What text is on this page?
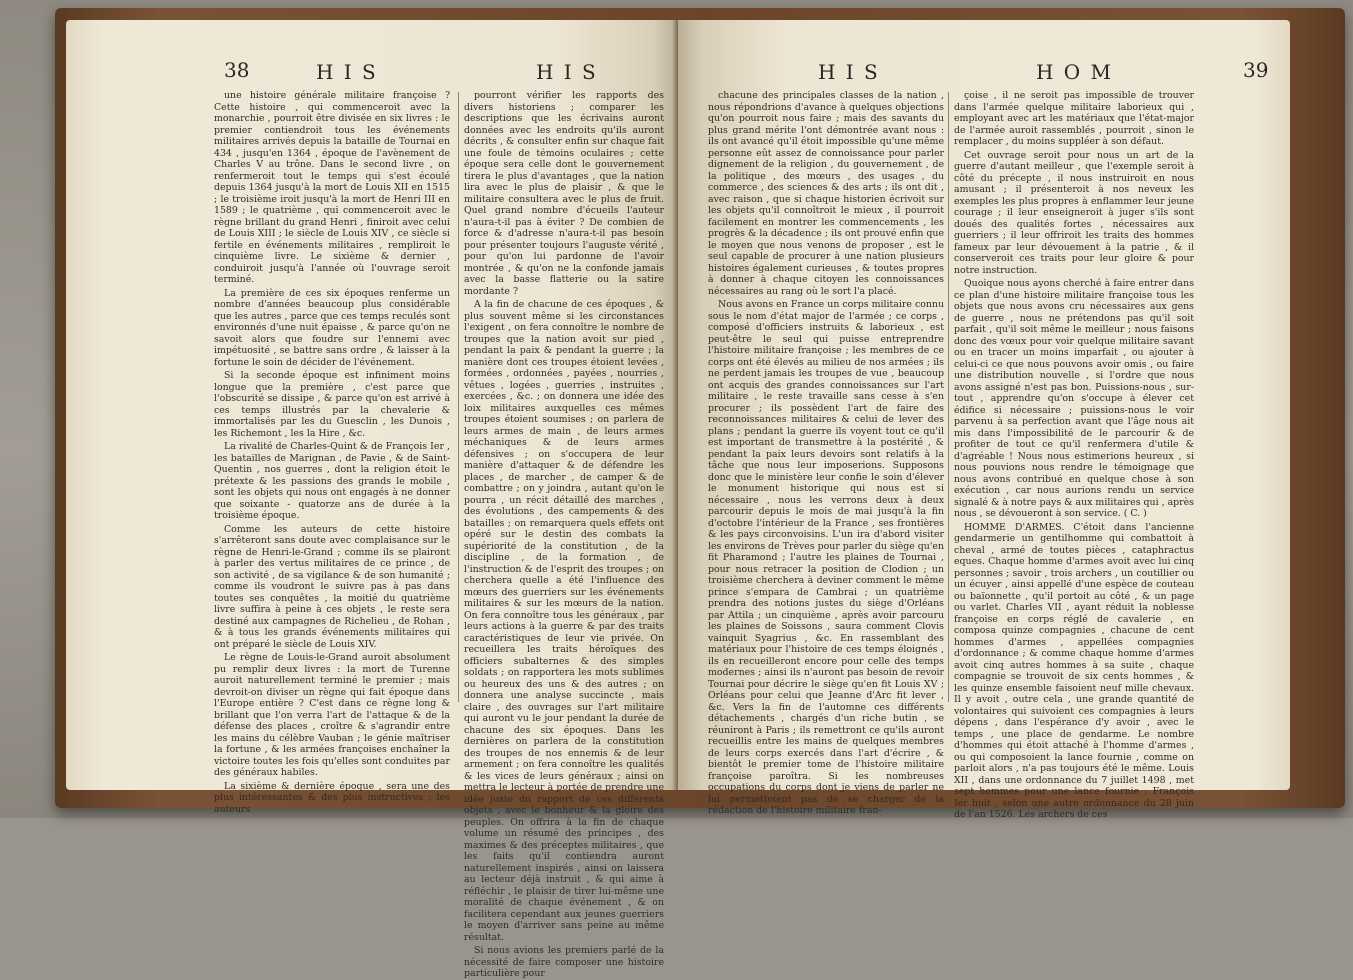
38	H I S	H I S

une histoire générale militaire françoise ? Cette histoire , qui commenceroit avec la monarchie , pourroit être divisée en six livres : le premier contiendroit tous les événements militaires arrivés depuis la bataille de Tournai en 434 , jusqu'en 1364 , époque de l'avènement de Charles V au trône. Dans le second livre , on renfermeroit tout le temps qui s'est écoulé depuis 1364 jusqu'à la mort de Louis XII en 1515 ; le troisième iroit jusqu'à la mort de Henri III en 1589 ; le quatrième , qui commenceroit avec le règne brillant du grand Henri , finiroit avec celui de Louis XIII ; le siècle de Louis XIV , ce siècle si fertile en événements militaires , rempliroit le cinquième livre. Le sixième & dernier , conduiroit jusqu'à l'année où l'ouvrage seroit terminé.

La première de ces six époques renferme un nombre d'années beaucoup plus considérable que les autres , parce que ces temps reculés sont environnés d'une nuit épaisse , & parce qu'on ne savoit alors que foudre sur l'ennemi avec impétuosité , se battre sans ordre , & laisser à la fortune le soin de décider de l'événement.

Si la seconde époque est infiniment moins longue que la première , c'est parce que l'obscurité se dissipe , & parce qu'on est arrivé à ces temps illustrés par la chevalerie & immortalisés par les du Guesclin , les Dunois , les Richemont , les la Hire , &c.

La rivalité de Charles-Quint & de François Ier , les batailles de Marignan , de Pavie , & de Saint-Quentin , nos guerres , dont la religion étoit le prétexte & les passions des grands le mobile , sont les objets qui nous ont engagés à ne donner que soixante - quatorze ans de durée à la troisième époque.

Comme les auteurs de cette histoire s'arrêteront sans doute avec complaisance sur le règne de Henri-le-Grand ; comme ils se plairont à parler des vertus militaires de ce prince , de son activité , de sa vigilance & de son humanité ; comme ils voudront le suivre pas à pas dans toutes ses conquêtes , la moitié du quatrième livre suffira à peine à ces objets , le reste sera destiné aux campagnes de Richelieu , de Rohan , & à tous les grands événements militaires qui ont préparé le siècle de Louis XIV.

Le règne de Louis-le-Grand auroit absolument pu remplir deux livres : la mort de Turenne auroit naturellement terminé le premier ; mais devroit-on diviser un règne qui fait époque dans l'Europe entière ? C'est dans ce règne long & brillant que l'on verra l'art de l'attaque & de la défense des places , croître & s'agrandir entre les mains du célèbre Vauban ; le génie maîtriser la fortune , & les armées françoises enchaîner la victoire toutes les fois qu'elles sont conduites par des généraux habiles.

La sixième & dernière époque , sera une des plus intéressantes & des plus instructives ; les auteurs

pourront vérifier les rapports des divers historiens ; comparer les descriptions que les écrivains auront données avec les endroits qu'ils auront décrits , & consulter enfin sur chaque fait une foule de témoins oculaires ; cette époque sera celle dont le gouvernement tirera le plus d'avantages , que la nation lira avec le plus de plaisir , & que le militaire consultera avec le plus de fruit. Quel grand nombre d'écueils l'auteur n'aura-t-il pas à éviter ? De combien de force & d'adresse n'aura-t-il pas besoin pour présenter toujours l'auguste vérité , pour qu'on lui pardonne de l'avoir montrée , & qu'on ne la confonde jamais avec la basse flatterie ou la satire mordante ?

A la fin de chacune de ces époques , & plus souvent même si les circonstances l'exigent , on fera connoître le nombre de troupes que la nation avoit sur pied , pendant la paix & pendant la guerre ; la manière dont ces troupes étoient levées , formées , ordonnées , payées , nourries , vêtues , logées , guerries , instruites , exercées , &c. ; on donnera une idée des loix militaires auxquelles ces mêmes troupes étoient soumises ; on parlera de leurs armes de main , de leurs armes méchaniques & de leurs armes défensives ; on s'occupera de leur manière d'attaquer & de défendre les places , de marcher , de camper & de combattre ; on y joindra , autant qu'on le pourra , un récit détaillé des marches , des évolutions , des campements & des batailles ; on remarquera quels effets ont opéré sur le destin des combats la supériorité de la constitution , de la discipline , de la formation , de l'instruction & de l'esprit des troupes ; on cherchera quelle a été l'influence des mœurs des guerriers sur les événements militaires & sur les mœurs de la nation. On fera connoître tous les généraux , par leurs actions à la guerre & par des traits caractéristiques de leur vie privée. On recueillera les traits héroïques des officiers subalternes & des simples soldats ; on rapportera les mots sublimes ou heureux des uns & des autres ; on donnera une analyse succincte , mais claire , des ouvrages sur l'art militaire qui auront vu le jour pendant la durée de chacune des six époques. Dans les dernières on parlera de la constitution des troupes de nos ennemis & de leur armement ; on fera connoître les qualités & les vices de leurs généraux ; ainsi on mettra le lecteur à portée de prendre une idée juste du rapport de ces différents objets , avec le bonheur & la gloire des peuples. On offrira à la fin de chaque volume un résumé des principes , des maximes & des préceptes militaires , que les faits qu'il contiendra auront naturellement inspirés , ainsi on laissera au lecteur déjà instruit , & qui aime à réfléchir , le plaisir de tirer lui-même une moralité de chaque événement , & on facilitera cependant aux jeunes guerriers le moyen d'arriver sans peine au même résultat.

Si nous avions les premiers parlé de la nécessité de faire composer une histoire particulière pour

H I S	H O M	39

chacune des principales classes de la nation , nous répondrions d'avance à quelques objections qu'on pourroit nous faire ; mais des savants du plus grand mérite l'ont démontrée avant nous : ils ont avancé qu'il étoit impossible qu'une même personne eût assez de connoissance pour parler dignement de la religion , du gouvernement , de la politique , des mœurs , des usages , du commerce , des sciences & des arts ; ils ont dit , avec raison , que si chaque historien écrivoit sur les objets qu'il connoîtroit le mieux , il pourroit facilement en montrer les commencements , les progrès & la décadence ; ils ont prouvé enfin que le moyen que nous venons de proposer , est le seul capable de procurer à une nation plusieurs histoires également curieuses , & toutes propres à donner à chaque citoyen les connoissances nécessaires au rang où le sort l'a placé.

Nous avons en France un corps militaire connu sous le nom d'état major de l'armée ; ce corps , composé d'officiers instruits & laborieux , est peut-être le seul qui puisse entreprendre l'histoire militaire françoise ; les membres de ce corps ont été élevés au milieu de nos armées ; ils ne perdent jamais les troupes de vue , beaucoup ont acquis des grandes connoissances sur l'art militaire , le reste travaille sans cesse à s'en procurer ; ils possèdent l'art de faire des reconnoissances militaires & celui de lever des plans ; pendant la guerre ils voyent tout ce qu'il est important de transmettre à la postérité , & pendant la paix leurs devoirs sont relatifs à la tâche que nous leur imposerions. Supposons donc que le ministère leur confie le soin d'élever le monument historique qui nous est si nécessaire , nous les verrons deux à deux parcourir depuis le mois de mai jusqu'à la fin d'octobre l'intérieur de la France , ses frontières & les pays circonvoisins. L'un ira d'abord visiter les environs de Trèves pour parler du siège qu'en fit Pharamond ; l'autre les plaines de Tournai , pour nous retracer la position de Clodion ; un troisième cherchera à deviner comment le même prince s'empara de Cambrai ; un quatrième prendra des notions justes du siège d'Orléans par Attila ; un cinquième , après avoir parcouru les plaines de Soissons , saura comment Clovis vainquit Syagrius , &c. En rassemblant des matériaux pour l'histoire de ces temps éloignés , ils en recueilleront encore pour celle des temps modernes ; ainsi ils n'auront pas besoin de revoir Tournai pour décrire le siège qu'en fit Louis XV ; Orléans pour celui que Jeanne d'Arc fit lever , &c. Vers la fin de l'automne ces différents détachements , chargés d'un riche butin , se réuniront à Paris ; ils remettront ce qu'ils auront recueillis entre les mains de quelques membres de leurs corps exercés dans l'art d'écrire , & bientôt le premier tome de l'histoire militaire françoise paroîtra. Si les nombreuses occupations du corps dont je viens de parler ne lui permettoient pas de se charger de la rédaction de l'histoire militaire fran-

çoise , il ne seroit pas impossible de trouver dans l'armée quelque militaire laborieux qui , employant avec art les matériaux que l'état-major de l'armée auroit rassemblés , pourroit , sinon le remplacer , du moins suppléer à son défaut.

Cet ouvrage seroit pour nous un art de la guerre d'autant meilleur , que l'exemple seroit à côté du précepte , il nous instruiroit en nous amusant ; il présenteroit à nos neveux les exemples les plus propres à enflammer leur jeune courage ; il leur enseigneroit à juger s'ils sont doués des qualités fortes , nécessaires aux guerriers ; il leur offriroit les traits des hommes fameux par leur dévouement à la patrie , & il conserveroit ces traits pour leur gloire & pour notre instruction.

Quoique nous ayons cherché à faire entrer dans ce plan d'une histoire militaire françoise tous les objets que nous avons cru nécessaires aux gens de guerre , nous ne prétendons pas qu'il soit parfait , qu'il soit même le meilleur ; nous faisons donc des vœux pour voir quelque militaire savant ou en tracer un moins imparfait , ou ajouter à celui-ci ce que nous pouvons avoir omis , ou faire une distribution nouvelle , si l'ordre que nous avons assigné n'est pas bon. Puissions-nous , sur-tout , apprendre qu'on s'occupe à élever cet édifice si nécessaire ; puissions-nous le voir parvenu à sa perfection avant que l'âge nous ait mis dans l'impossibilité de le parcourir & de profiter de tout ce qu'il renfermera d'utile & d'agréable ! Nous nous estimerions heureux , si nous pouvions nous rendre le témoignage que nous avons contribué en quelque chose à son exécution , car nous aurions rendu un service signalé & à notre pays & aux militaires qui , après nous , se dévoueront à son service. ( C. )

HOMME D'ARMES. C'étoit dans l'ancienne gendarmerie un gentilhomme qui combattoit à cheval , armé de toutes pièces , cataphractus eques. Chaque homme d'armes avoit avec lui cinq personnes ; savoir , trois archers , un coutillier ou un écuyer , ainsi appellé d'une espèce de couteau ou baïonnette , qu'il portoit au côté , & un page ou varlet. Charles VII , ayant réduit la noblesse françoise en corps réglé de cavalerie , en composa quinze compagnies , chacune de cent hommes d'armes , appellées compagnies d'ordonnance ; & comme chaque homme d'armes avoit cinq autres hommes à sa suite , chaque compagnie se trouvoit de six cents hommes , & les quinze ensemble faisoient neuf mille chevaux. Il y avoit , outre cela , une grande quantité de volontaires qui suivoient ces compagnies à leurs dépens , dans l'espérance d'y avoir , avec le temps , une place de gendarme. Le nombre d'hommes qui étoit attaché à l'homme d'armes , ou qui composoient la lance fournie , comme on parloit alors , n'a pas toujours été le même. Louis XII , dans une ordonnance du 7 juillet 1498 , met sept hommes pour une lance fournie ; François Ier huit , selon une autre ordonnance du 28 juin de l'an 1526. Les archers de ces
